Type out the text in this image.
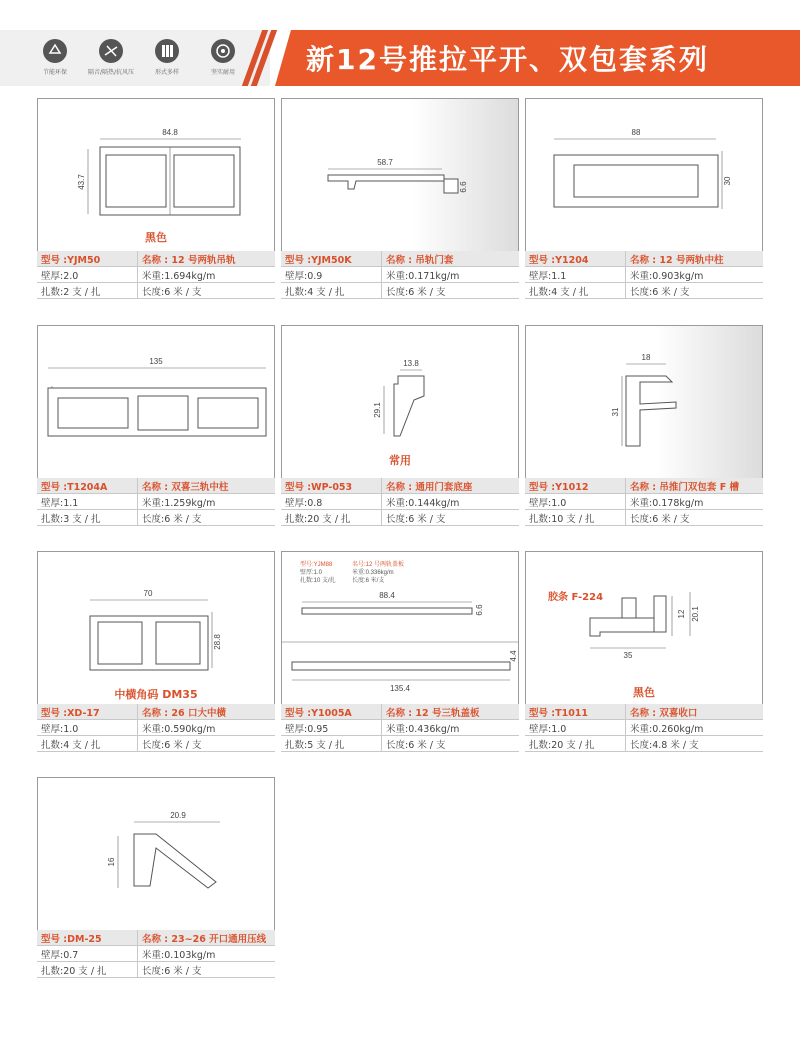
节能环保	隔音/隔热/抗风压	形式多样	坚实耐用	新12号推拉平开、双包套系列
84.8
43.7
黑色
型号 :YJM50	名称 : 12 号两轨吊轨
壁厚:2.0	米重:1.694kg/m
扎数:2 支 / 扎	长度:6 米 / 支
58.7
6.6
型号 :YJM50K	名称 : 吊轨门套
壁厚:0.9	米重:0.171kg/m
扎数:4 支 / 扎	长度:6 米 / 支
88
30
型号 :Y1204	名称 : 12 号两轨中柱
壁厚:1.1	米重:0.903kg/m
扎数:4 支 / 扎	长度:6 米 / 支
135
型号 :T1204A	名称 : 双喜三轨中柱
壁厚:1.1	米重:1.259kg/m
扎数:3 支 / 扎	长度:6 米 / 支
13.8
29.1
常用
型号 :WP-053	名称 : 通用门套底座
壁厚:0.8	米重:0.144kg/m
扎数:20 支 / 扎	长度:6 米 / 支
18
31
型号 :Y1012	名称 : 吊推门双包套 F 槽
壁厚:1.0	米重:0.178kg/m
扎数:10 支 / 扎	长度:6 米 / 支
70
28.8
中横角码 DM35
型号 :XD-17	名称 : 26 口大中横
壁厚:1.0	米重:0.590kg/m
扎数:4 支 / 扎	长度:6 米 / 支
型号:YJM88	名号:12 号两轨盖板
壁厚:1.0	米重:0.336kg/m
扎数:10 支/扎	长度:6 米/支
88.4
6.6
4.4
135.4
型号 :Y1005A	名称 : 12 号三轨盖板
壁厚:0.95	米重:0.436kg/m
扎数:5 支 / 扎	长度:6 米 / 支
胶条 F-224
12 20.1
35
黑色
型号 :T1011	名称 : 双喜收口
壁厚:1.0	米重:0.260kg/m
扎数:20 支 / 扎	长度:4.8 米 / 支
20.9
16
型号 :DM-25	名称 : 23~26 开口通用压线
壁厚:0.7	米重:0.103kg/m
扎数:20 支 / 扎	长度:6 米 / 支
